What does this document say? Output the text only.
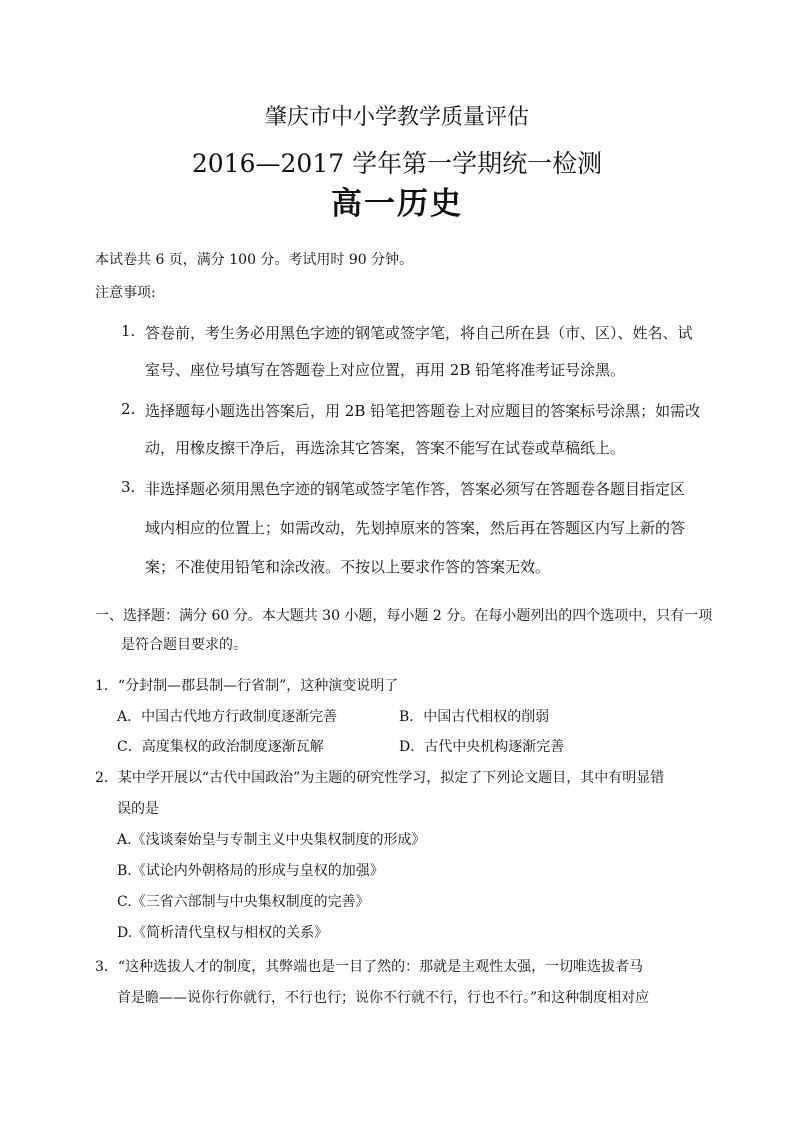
肇庆市中小学教学质量评估
2016—2017 学年第一学期统一检测
高一历史
本试卷共 6 页，满分 100 分。考试用时 90 分钟。
注意事项:
1. 答卷前，考生务必用黑色字迹的钢笔或签字笔，将自己所在县（市、区）、姓名、试
室号、座位号填写在答题卷上对应位置，再用 2B 铅笔将准考证号涂黑。
2. 选择题每小题选出答案后，用 2B 铅笔把答题卷上对应题目的答案标号涂黑；如需改
动，用橡皮擦干净后，再选涂其它答案，答案不能写在试卷或草稿纸上。
3. 非选择题必须用黑色字迹的钢笔或签字笔作答，答案必须写在答题卷各题目指定区
域内相应的位置上；如需改动，先划掉原来的答案，然后再在答题区内写上新的答
案；不准使用铅笔和涂改液。不按以上要求作答的答案无效。
一、选择题：满分 60 分。本大题共 30 小题，每小题 2 分。在每小题列出的四个选项中，只有一项
是符合题目要求的。
1．“分封制—郡县制—行省制”，这种演变说明了
A．中国古代地方行政制度逐渐完善	B．中国古代相权的削弱
C．高度集权的政治制度逐渐瓦解	D．古代中央机构逐渐完善
2．某中学开展以“古代中国政治”为主题的研究性学习，拟定了下列论文题目，其中有明显错
误的是
A.《浅谈秦始皇与专制主义中央集权制度的形成》
B.《试论内外朝格局的形成与皇权的加强》
C.《三省六部制与中央集权制度的完善》
D.《简析清代皇权与相权的关系》
3．“这种选拔人才的制度，其弊端也是一目了然的：那就是主观性太强，一切唯选拔者马
首是瞻——说你行你就行，不行也行；说你不行就不行，行也不行。”和这种制度相对应
